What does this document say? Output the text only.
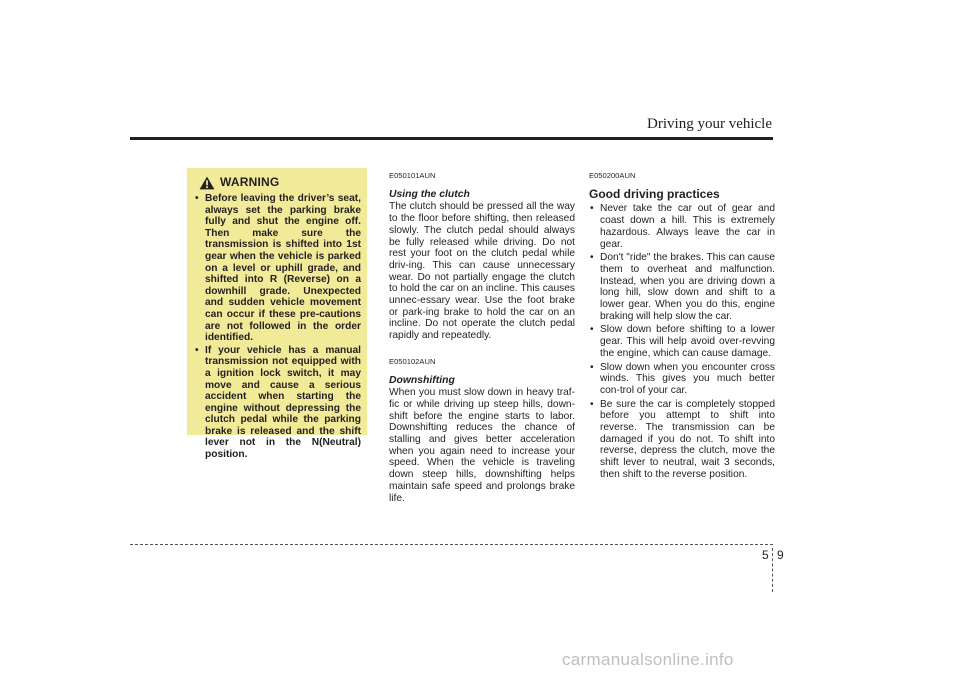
Driving your vehicle
WARNING
• Before leaving the driver’s seat, always set the parking brake fully and shut the engine off. Then make sure the transmission is shifted into 1st gear when the vehicle is parked on a level or uphill grade, and shifted into R (Reverse) on a downhill grade. Unexpected and sudden vehicle movement can occur if these pre-cautions are not followed in the order identified.
• If your vehicle has a manual transmission not equipped with a ignition lock switch, it may move and cause a serious accident when starting the engine without depressing the clutch pedal while the parking brake is released and the shift lever not in the N(Neutral) position.
E050101AUN
Using the clutch

The clutch should be pressed all the way to the floor before shifting, then released slowly. The clutch pedal should always be fully released while driving. Do not rest your foot on the clutch pedal while driv-ing. This can cause unnecessary wear. Do not partially engage the clutch to hold the car on an incline. This causes unnec-essary wear. Use the foot brake or park-ing brake to hold the car on an incline. Do not operate the clutch pedal rapidly and repeatedly.

E050102AUN
Downshifting

When you must slow down in heavy traf-fic or while driving up steep hills, down-shift before the engine starts to labor. Downshifting reduces the chance of stalling and gives better acceleration when you again need to increase your speed. When the vehicle is traveling down steep hills, downshifting helps maintain safe speed and prolongs brake life.

E050200AUN
Good driving practices
• Never take the car out of gear and coast down a hill. This is extremely hazardous. Always leave the car in gear.
• Don't "ride" the brakes. This can cause them to overheat and malfunction. Instead, when you are driving down a long hill, slow down and shift to a lower gear. When you do this, engine braking will help slow the car.
• Slow down before shifting to a lower gear. This will help avoid over-revving the engine, which can cause damage.
• Slow down when you encounter cross winds. This gives you much better con-trol of your car.
• Be sure the car is completely stopped before you attempt to shift into reverse. The transmission can be damaged if you do not. To shift into reverse, depress the clutch, move the shift lever to neutral, wait 3 seconds, then shift to the reverse position.
5 9
carmanualsonline.info
